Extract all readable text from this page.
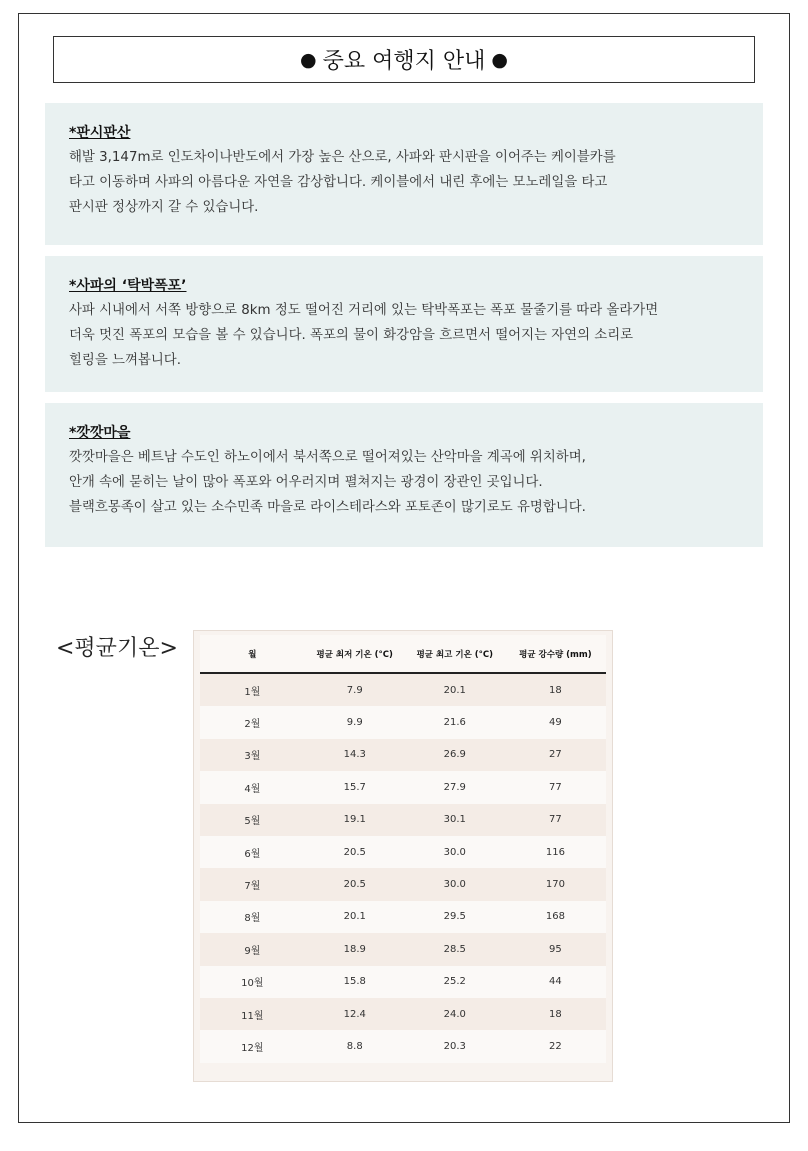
● 중요 여행지 안내 ●
*판시판산
해발 3,147m로 인도차이나반도에서 가장 높은 산으로, 사파와 판시판을 이어주는 케이블카를
타고 이동하며 사파의 아름다운 자연을 감상합니다. 케이블에서 내린 후에는 모노레일을 타고
판시판 정상까지 갈 수 있습니다.
*사파의 ‘탁박폭포’
사파 시내에서 서쪽 방향으로 8km 정도 떨어진 거리에 있는 탁박폭포는 폭포 물줄기를 따라 올라가면
더욱 멋진 폭포의 모습을 볼 수 있습니다. 폭포의 물이 화강암을 흐르면서 떨어지는 자연의 소리로
힐링을 느껴봅니다.
*깟깟마을
깟깟마을은 베트남 수도인 하노이에서 북서쪽으로 떨어져있는 산악마을 계곡에 위치하며,
안개 속에 묻히는 날이 많아 폭포와 어우러지며 펼쳐지는 광경이 장관인 곳입니다.
블랙흐몽족이 살고 있는 소수민족 마을로 라이스테라스와 포토존이 많기로도 유명합니다.
<평균기온>	월	평균 최저 기온 (°C)	평균 최고 기온 (°C)	평균 강수량 (mm)
1월	7.9	20.1	18
2월	9.9	21.6	49
3월	14.3	26.9	27
4월	15.7	27.9	77
5월	19.1	30.1	77
6월	20.5	30.0	116
7월	20.5	30.0	170
8월	20.1	29.5	168
9월	18.9	28.5	95
10월	15.8	25.2	44
11월	12.4	24.0	18
12월	8.8	20.3	22
